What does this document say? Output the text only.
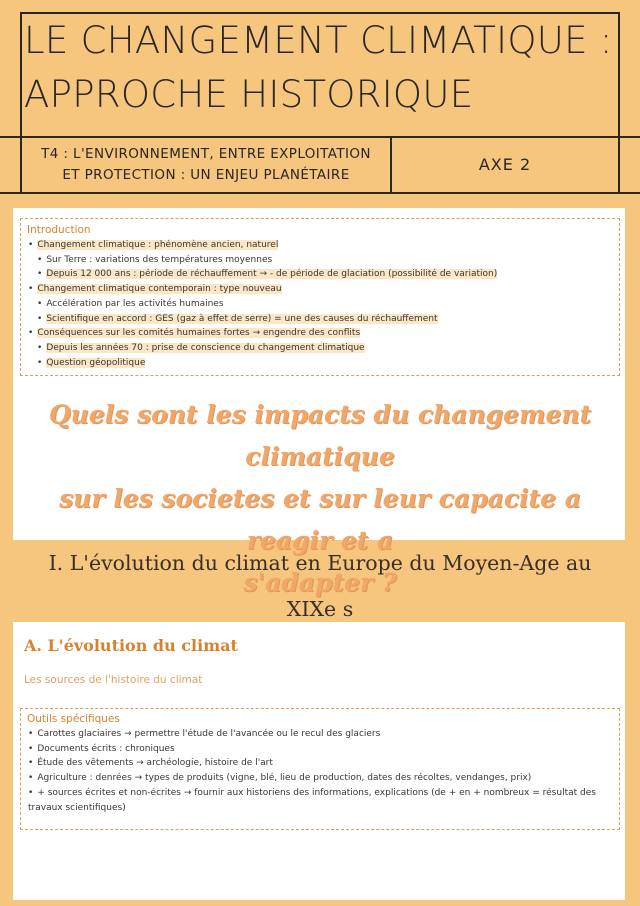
LE CHANGEMENT CLIMATIQUE :
APPROCHE HISTORIQUE
T4 : L'ENVIRONNEMENT, ENTRE EXPLOITATION
ET PROTECTION : UN ENJEU PLANÉTAIRE
AXE 2

Introduction

• Changement climatique : phénomène ancien, naturel
• Sur Terre : variations des températures moyennes
• Depuis 12 000 ans : période de réchauffement → - de période de glaciation (possibilité de variation)
• Changement climatique contemporain : type nouveau
• Accélération par les activités humaines
• Scientifique en accord : GES (gaz à effet de serre) = une des causes du réchauffement
• Conséquences sur les comités humaines fortes → engendre des conflits
• Depuis les années 70 : prise de conscience du changement climatique
• Question géopolitique
Quels sont les impacts du changement climatique
sur les societes et sur leur capacite a reagir et a
s'adapter ?
I. L'évolution du climat en Europe du Moyen-Age au
XIXe s
A. L'évolution du climat

Les sources de l'histoire du climat

Outils spécifiques

• Carottes glaciaires → permettre l'étude de l'avancée ou le recul des glaciers
• Documents écrits : chroniques
• Étude des vêtements → archéologie, histoire de l'art
• Agriculture : denrées → types de produits (vigne, blé, lieu de production, dates des récoltes, vendanges, prix)
• + sources écrites et non-écrites → fournir aux historiens des informations, explications (de + en + nombreux = résultat des travaux scientifiques)
